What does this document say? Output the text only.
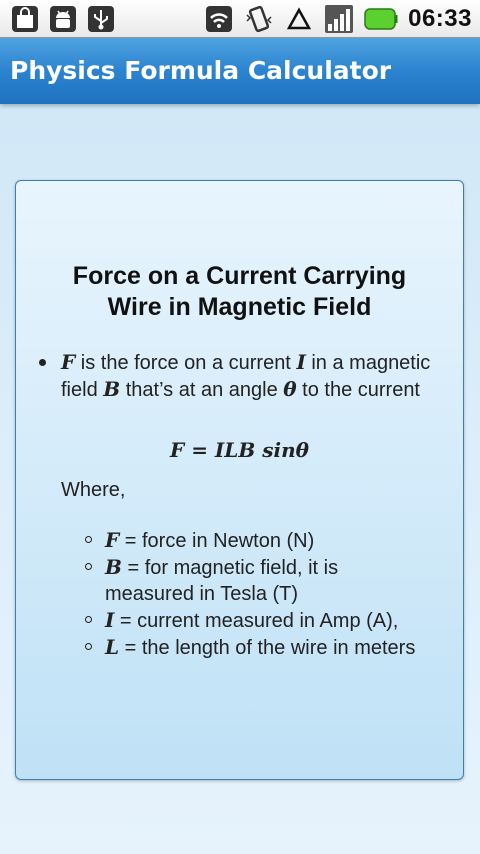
06:33
Physics Formula Calculator
Force on a Current Carrying
Wire in Magnetic Field
F is the force on a current I in a magnetic field B that’s at an angle θ to the current
F = ILB sinθ
Where,
F = force in Newton (N)
B = for magnetic field, it is measured in Tesla (T)
I = current measured in Amp (A),
L = the length of the wire in meters
